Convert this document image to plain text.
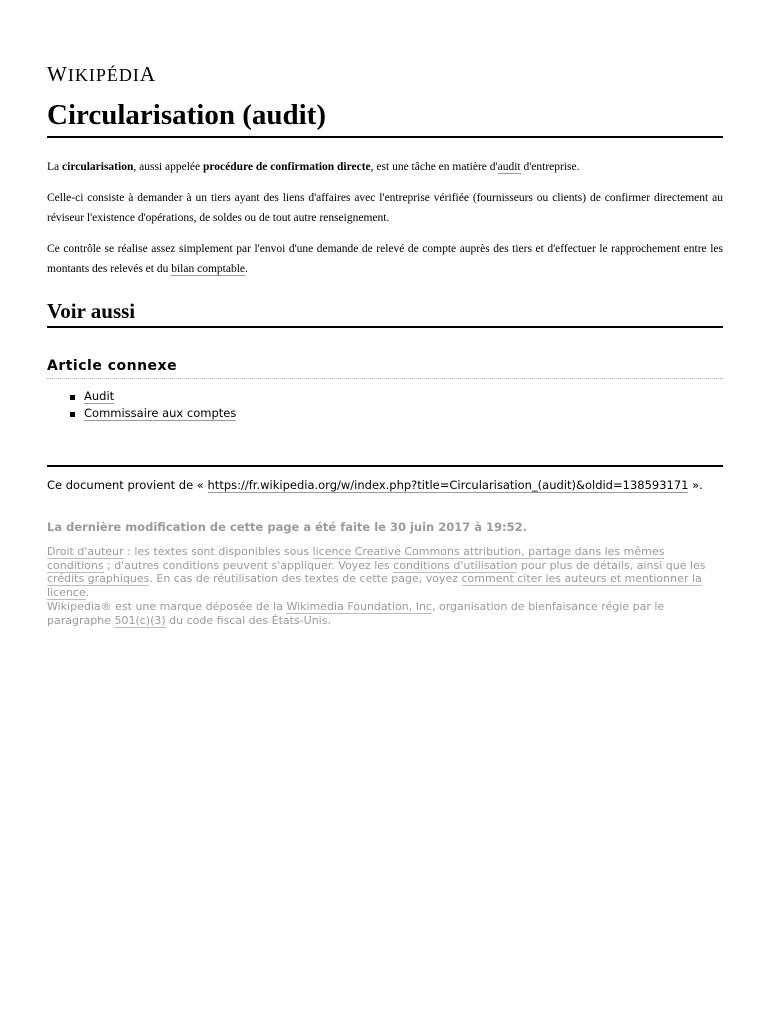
WIKIPÉDIA
Circularisation (audit)

La circularisation, aussi appelée procédure de confirmation directe, est une tâche en matière d'audit d'entreprise.

Celle-ci consiste à demander à un tiers ayant des liens d'affaires avec l'entreprise vérifiée (fournisseurs ou clients) de confirmer directement au réviseur l'existence d'opérations, de soldes ou de tout autre renseignement.

Ce contrôle se réalise assez simplement par l'envoi d'une demande de relevé de compte auprès des tiers et d'effectuer le rapprochement entre les montants des relevés et du bilan comptable.

Voir aussi
Article connexe
Audit
Commissaire aux comptes
Ce document provient de « https://fr.wikipedia.org/w/index.php?title=Circularisation_(audit)&oldid=138593171 ».
La dernière modification de cette page a été faite le 30 juin 2017 à 19:52.
Droit d'auteur : les textes sont disponibles sous licence Creative Commons attribution, partage dans les mêmes conditions ; d'autres conditions peuvent s'appliquer. Voyez les conditions d'utilisation pour plus de détails, ainsi que les crédits graphiques. En cas de réutilisation des textes de cette page, voyez comment citer les auteurs et mentionner la licence.
Wikipedia® est une marque déposée de la Wikimedia Foundation, Inc, organisation de bienfaisance régie par le paragraphe 501(c)(3) du code fiscal des États-Unis.
